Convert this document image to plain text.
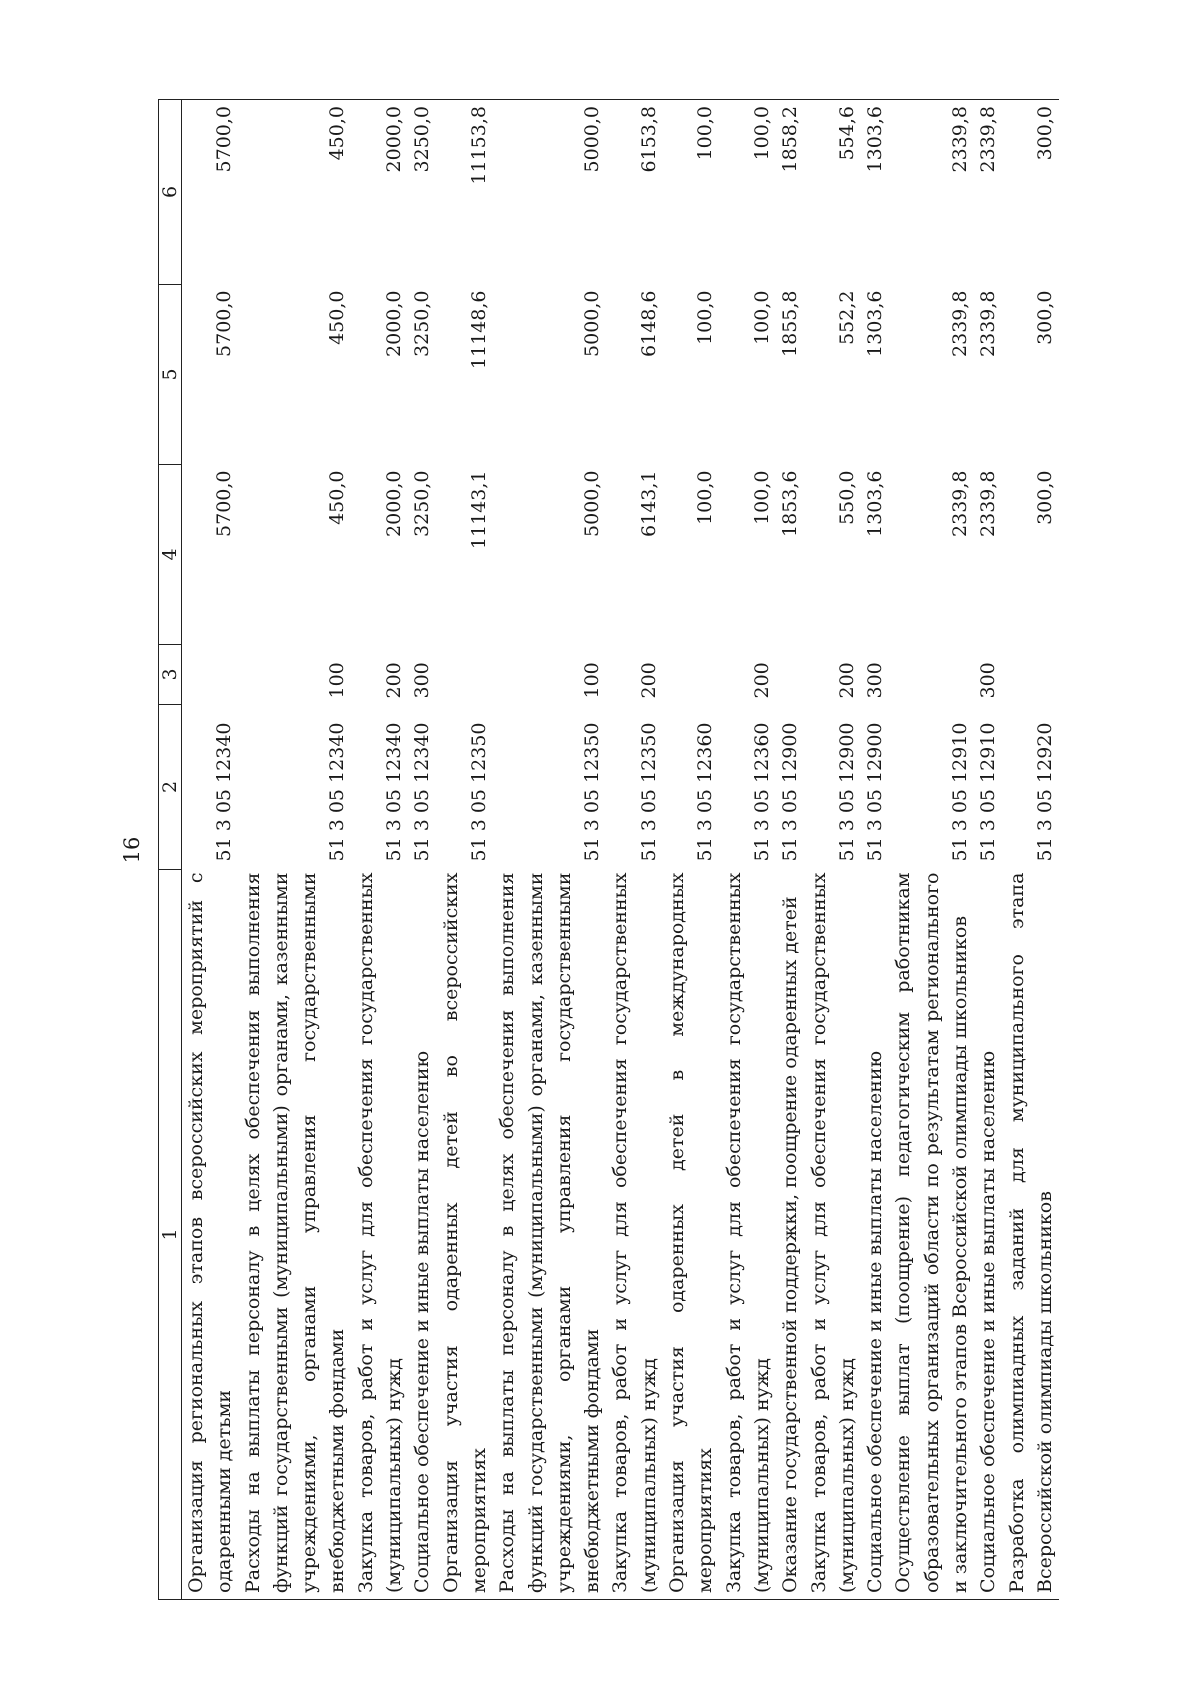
16
1	2	3	4	5	6
Организация региональных этапов всероссийских мероприятий с одаренными детьми	51 3 05 12340		5700,0	5700,0	5700,0
Расходы на выплаты персоналу в целях обеспечения выполнения функций государственными (муниципальными) органами, казенными учреждениями, органами управления государственными внебюджетными фондами	51 3 05 12340	100	450,0	450,0	450,0
Закупка товаров, работ и услуг для обеспечения государственных (муниципальных) нужд	51 3 05 12340	200	2000,0	2000,0	2000,0
Социальное обеспечение и иные выплаты населению	51 3 05 12340	300	3250,0	3250,0	3250,0
Организация участия одаренных детей во всероссийских мероприятиях	51 3 05 12350		11143,1	11148,6	11153,8
Расходы на выплаты персоналу в целях обеспечения выполнения функций государственными (муниципальными) органами, казенными учреждениями, органами управления государственными внебюджетными фондами	51 3 05 12350	100	5000,0	5000,0	5000,0
Закупка товаров, работ и услуг для обеспечения государственных (муниципальных) нужд	51 3 05 12350	200	6143,1	6148,6	6153,8
Организация участия одаренных детей в международных мероприятиях	51 3 05 12360		100,0	100,0	100,0
Закупка товаров, работ и услуг для обеспечения государственных (муниципальных) нужд	51 3 05 12360	200	100,0	100,0	100,0
Оказание государственной поддержки, поощрение одаренных детей	51 3 05 12900		1853,6	1855,8	1858,2
Закупка товаров, работ и услуг для обеспечения государственных (муниципальных) нужд	51 3 05 12900	200	550,0	552,2	554,6
Социальное обеспечение и иные выплаты населению	51 3 05 12900	300	1303,6	1303,6	1303,6
Осуществление выплат (поощрение) педагогическим работникам образовательных организаций области по результатам регионального и заключительного этапов Всероссийской олимпиады школьников	51 3 05 12910		2339,8	2339,8	2339,8
Социальное обеспечение и иные выплаты населению	51 3 05 12910	300	2339,8	2339,8	2339,8
Разработка олимпиадных заданий для муниципального этапа Всероссийской олимпиады школьников	51 3 05 12920		300,0	300,0	300,0
